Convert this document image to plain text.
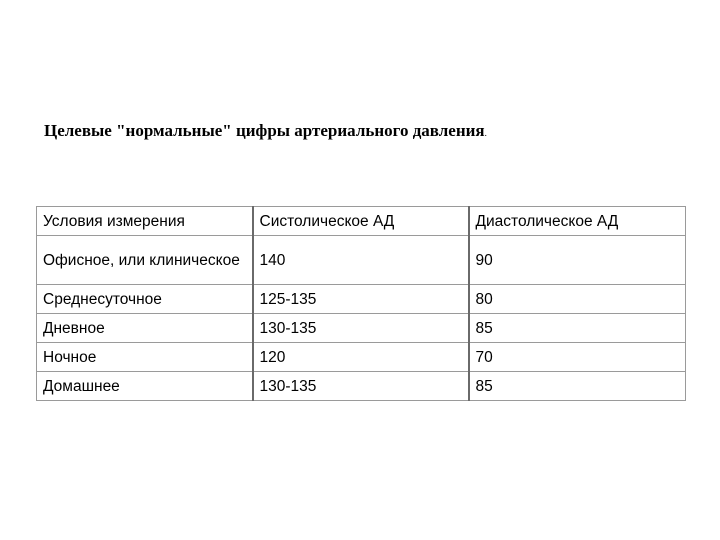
Целевые "нормальные" цифры артериального давления.
Условия измерения	Систолическое АД	Диастолическое АД
Офисное, или клиническое	140	90
Среднесуточное	125-135	80
Дневное	130-135	85
Ночное	120	70
Домашнее	130-135	85
